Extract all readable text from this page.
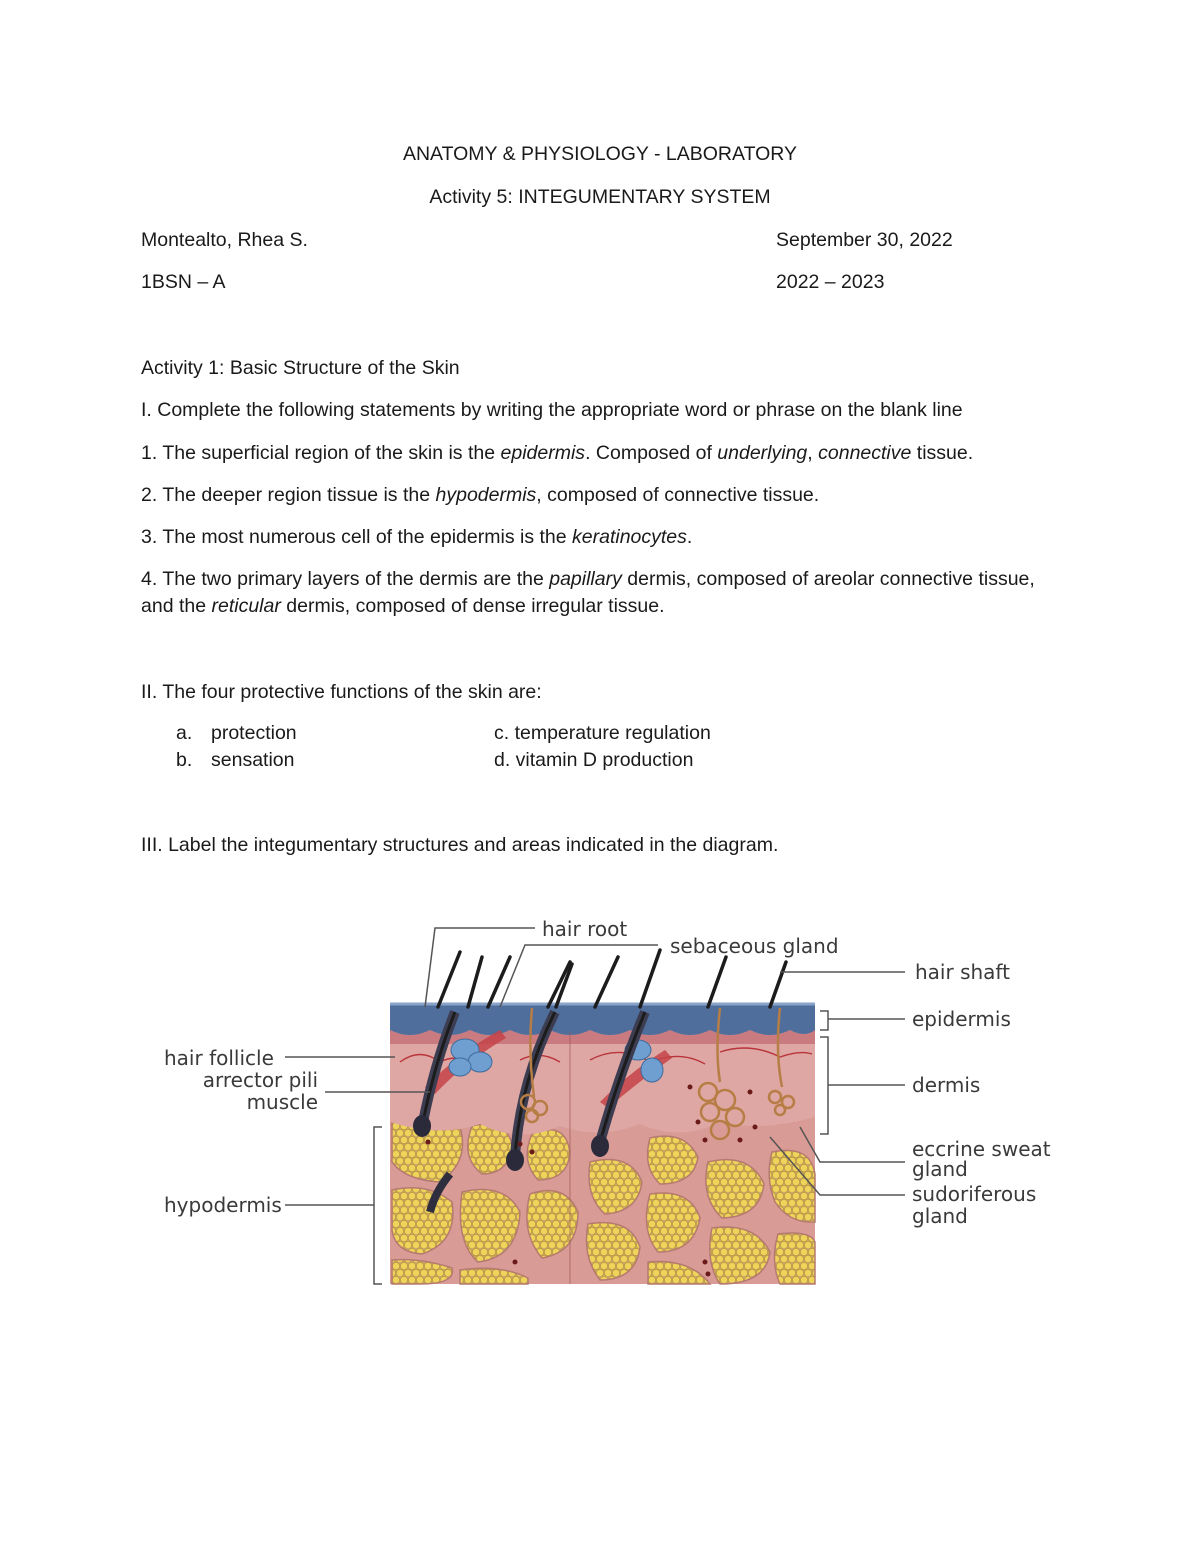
ANATOMY & PHYSIOLOGY - LABORATORY
Activity 5: INTEGUMENTARY SYSTEM
Montealto, Rhea S.	September 30, 2022
1BSN – A	2022 – 2023
Activity 1: Basic Structure of the Skin
I. Complete the following statements by writing the appropriate word or phrase on the blank line
1. The superficial region of the skin is the epidermis. Composed of underlying, connective tissue.
2. The deeper region tissue is the hypodermis, composed of connective tissue.
3. The most numerous cell of the epidermis is the keratinocytes.
4. The two primary layers of the dermis are the papillary dermis, composed of areolar connective tissue, and the reticular dermis, composed of dense irregular tissue.
II. The four protective functions of the skin are:
a. protection
b. sensation
c. temperature regulation
d. vitamin D production
III. Label the integumentary structures and areas indicated in the diagram.
hair root
sebaceous gland
hair shaft
epidermis
hair follicle
arrector pili
muscle
dermis
eccrine sweat
gland
sudoriferous
gland
hypodermis
